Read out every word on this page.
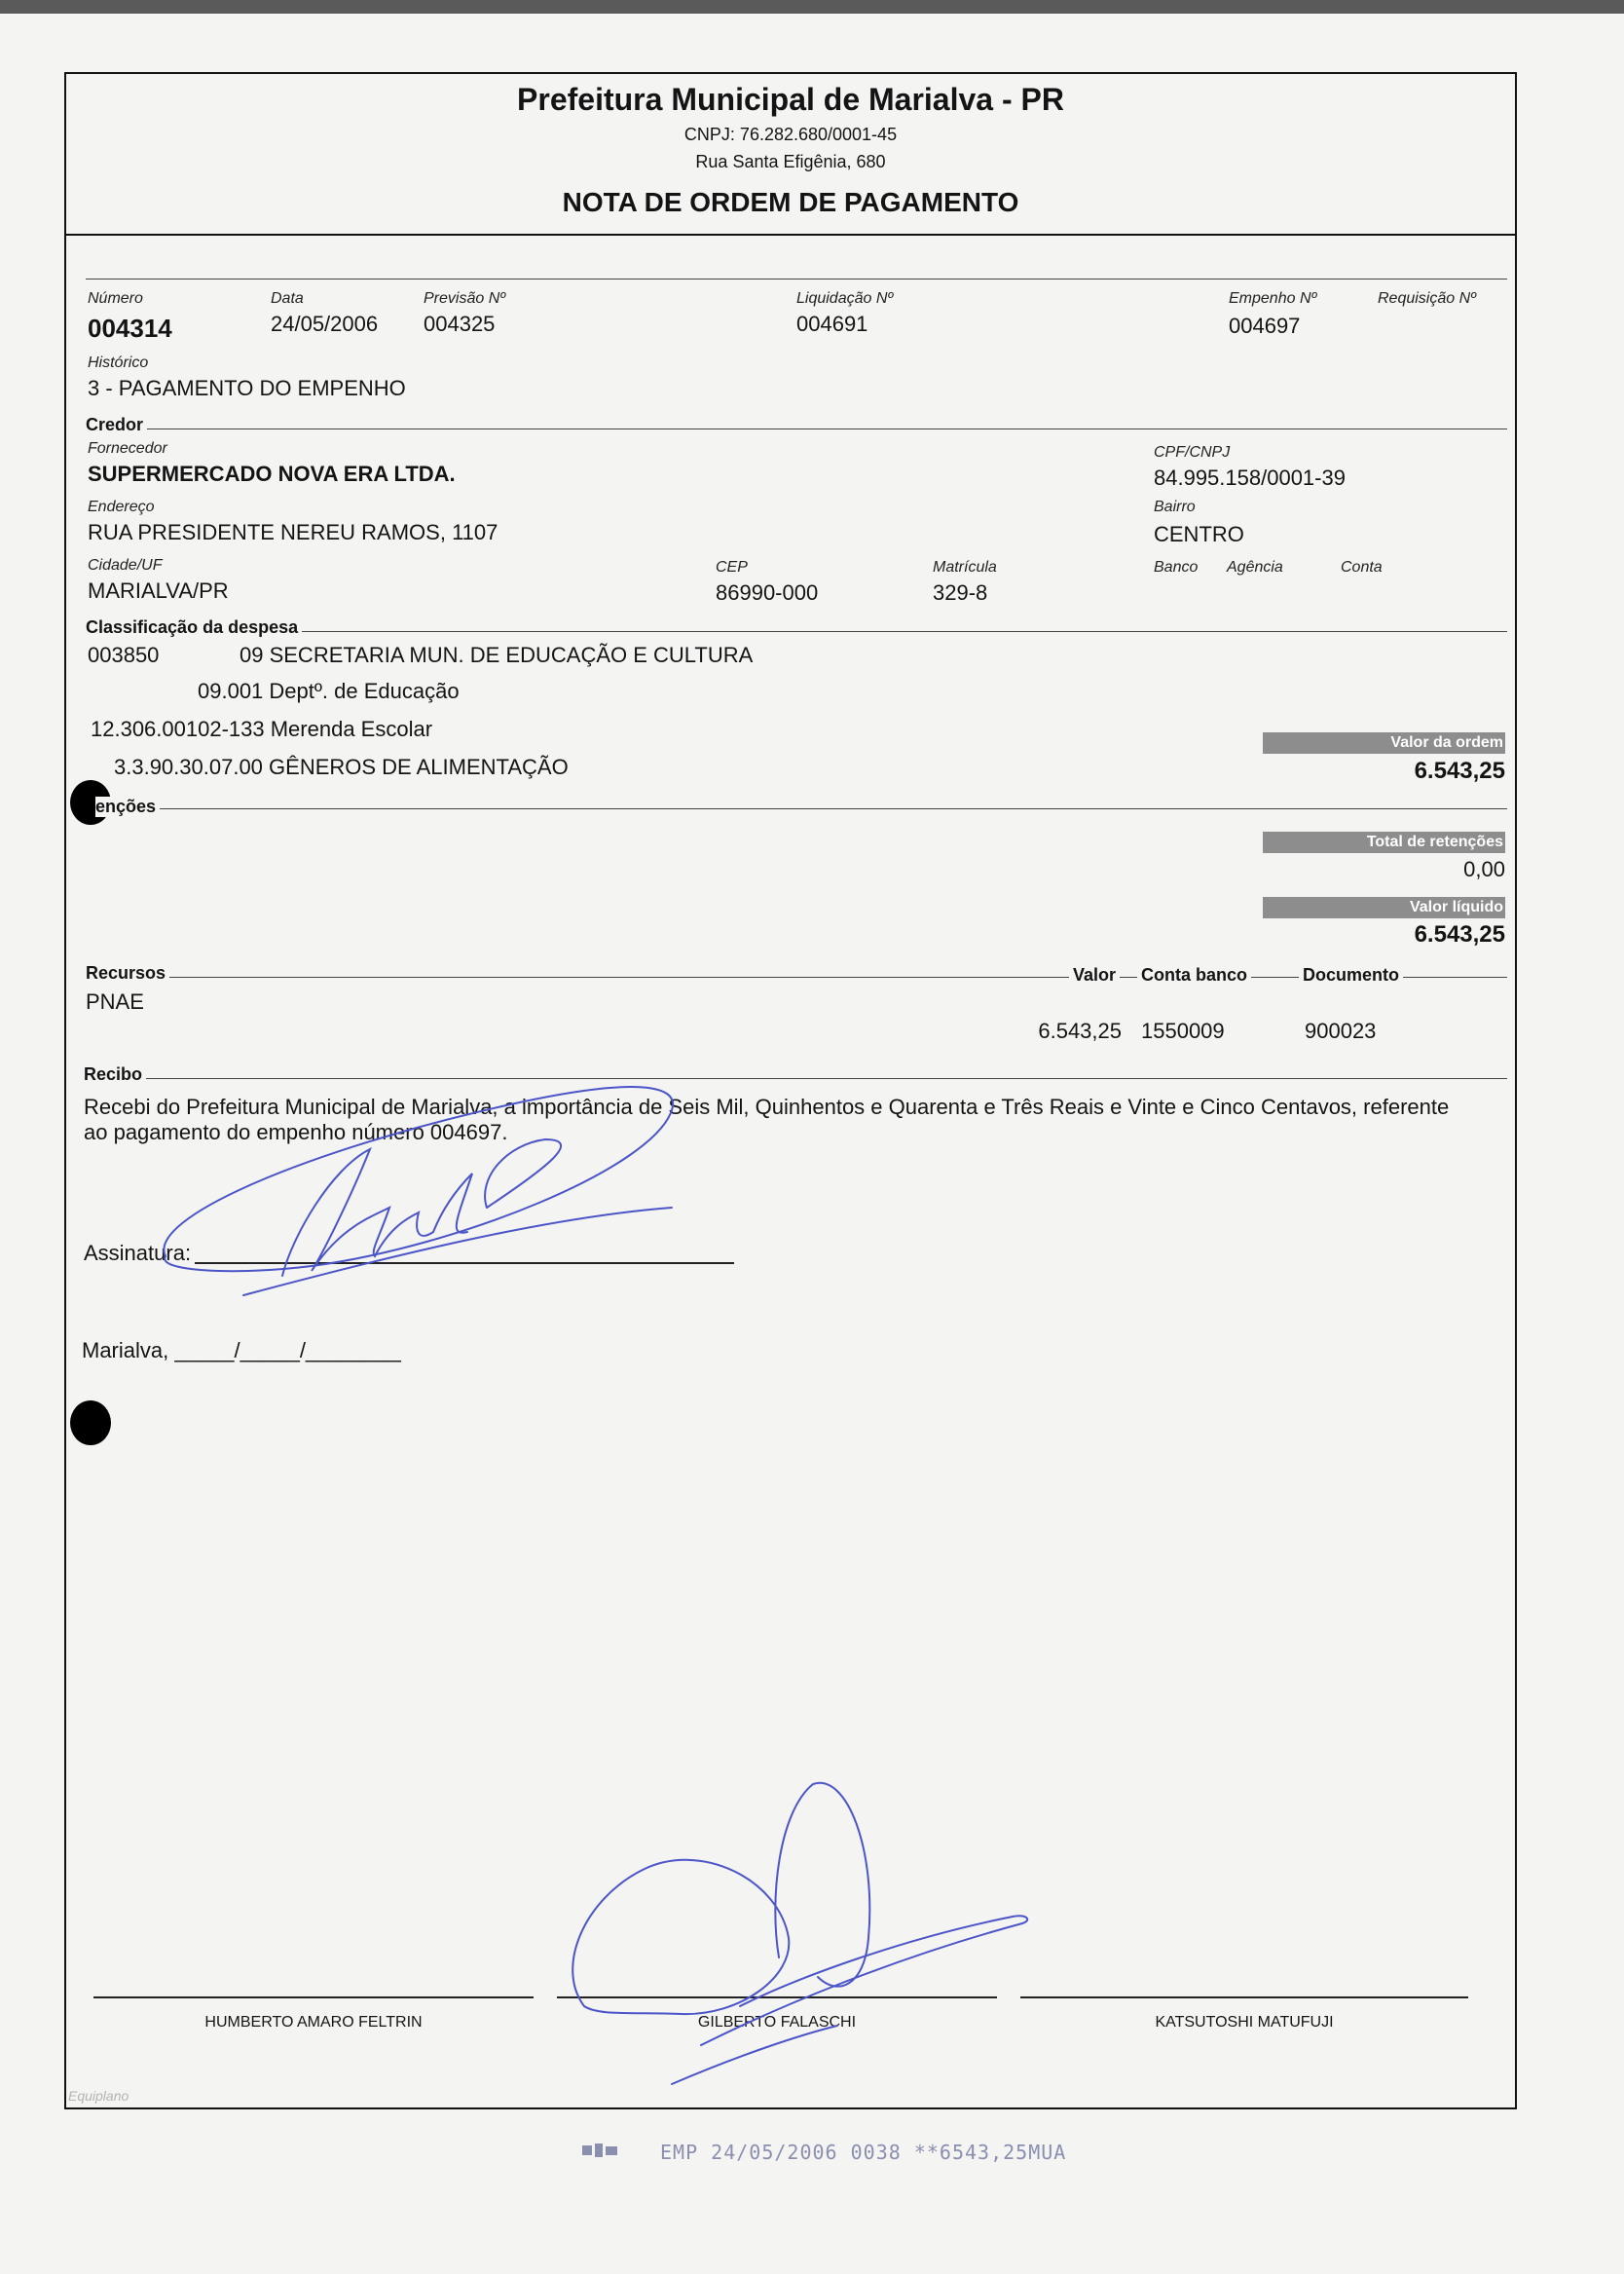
Prefeitura Municipal de Marialva - PR
CNPJ: 76.282.680/0001-45
Rua Santa Efigênia, 680
NOTA DE ORDEM DE PAGAMENTO
Número
004314
Data
24/05/2006
Previsão Nº
004325
Liquidação Nº
004691
Empenho Nº
004697
Requisição Nº
Histórico
3 - PAGAMENTO DO EMPENHO
Credor
Fornecedor
SUPERMERCADO NOVA ERA LTDA.
CPF/CNPJ
84.995.158/0001-39
Endereço
RUA PRESIDENTE NEREU RAMOS, 1107
Bairro
CENTRO
Cidade/UF
MARIALVA/PR
CEP
86990-000
Matrícula
329-8
Banco Agência	Conta
Classificação da despesa
003850	09 SECRETARIA MUN. DE EDUCAÇÃO E CULTURA
09.001 Deptº. de Educação
12.306.00102-133 Merenda Escolar
3.3.90.30.07.00 GÊNEROS DE ALIMENTAÇÃO
Valor da ordem
6.543,25
enções
Total de retenções
0,00
Valor líquido
6.543,25
Recursos	Valor Conta banco	Documento
PNAE
6.543,25 1550009	900023
Recibo
Recebi do Prefeitura Municipal de Marialva, a importância de Seis Mil, Quinhentos e Quarenta e Três Reais e Vinte e Cinco Centavos, referente
ao pagamento do empenho número 004697.
Assinatura:
Marialva, _____/_____/________
HUMBERTO AMARO FELTRIN	GILBERTO FALASCHI	KATSUTOSHI MATUFUJI
Equiplano
EMP 24/05/2006 0038 **6543,25MUA
